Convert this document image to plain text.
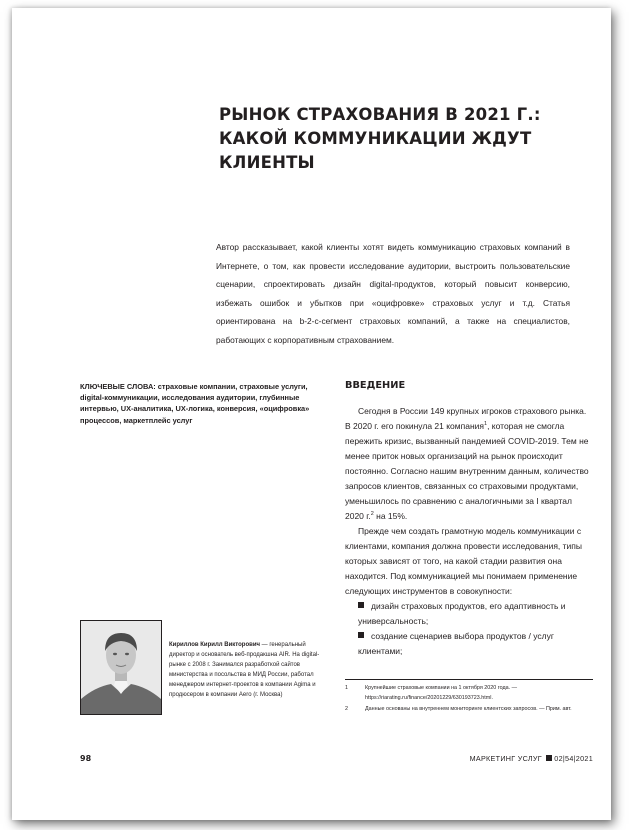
РЫНОК СТРАХОВАНИЯ В 2021 Г.: КАКОЙ КОММУНИКАЦИИ ЖДУТ КЛИЕНТЫ
Автор рассказывает, какой клиенты хотят видеть коммуникацию страховых компаний в Интернете, о том, как провести исследование аудитории, выстроить пользовательские сценарии, спроектировать дизайн digital-продуктов, который повысит конверсию, избежать ошибок и убытков при «оцифровке» страховых услуг и т.д. Статья ориентирована на b-2-c-сегмент страховых компаний, а также на специалистов, работающих с корпоративным страхованием.
КЛЮЧЕВЫЕ СЛОВА: страховые компании, страховые услуги, digital-коммуникации, исследования аудитории, глубинные интервью, UX-аналитика, UX-логика, конверсия, «оцифровка» процессов, маркетплейс услуг
ВВЕДЕНИЕ

Сегодня в России 149 крупных игроков страхового рынка. В 2020 г. его покинула 21 компания$^1$, которая не смогла пережить кризис, вызванный пандемией COVID-2019. Тем не менее приток новых организаций на рынок происходит постоянно. Согласно нашим внутренним данным, количество запросов клиентов, связанных со страховыми продуктами, уменьшилось по сравнению с аналогичными за I квартал 2020 г.$^2$ на 15%.

Прежде чем создать грамотную модель коммуникации с клиентами, компания должна провести исследования, типы которых зависят от того, на какой стадии развития она находится. Под коммуникацией мы понимаем применение следующих инструментов в совокупности:

дизайн страховых продуктов, его адаптивность и универсальность;
создание сценариев выбора продуктов / услуг клиентами;
Кириллов Кирилл Викторович — генеральный директор и основатель веб-продакшна AIR. На digital-рынке с 2008 г. Занимался разработкой сайтов министерства и посольства в МИД России, работал менеджером интернет-проектов в компании Agima и продюсером в компании Aero (г. Москва)
1	Крупнейшие страховые компании на 1 октября 2020 года. — https://riarating.ru/finance/20201229/630193723.html.
2	Данные основаны на внутреннем мониторинге клиентских запросов. — Прим. авт.
98	МАРКЕТИНГ УСЛУГ 02|54|2021
